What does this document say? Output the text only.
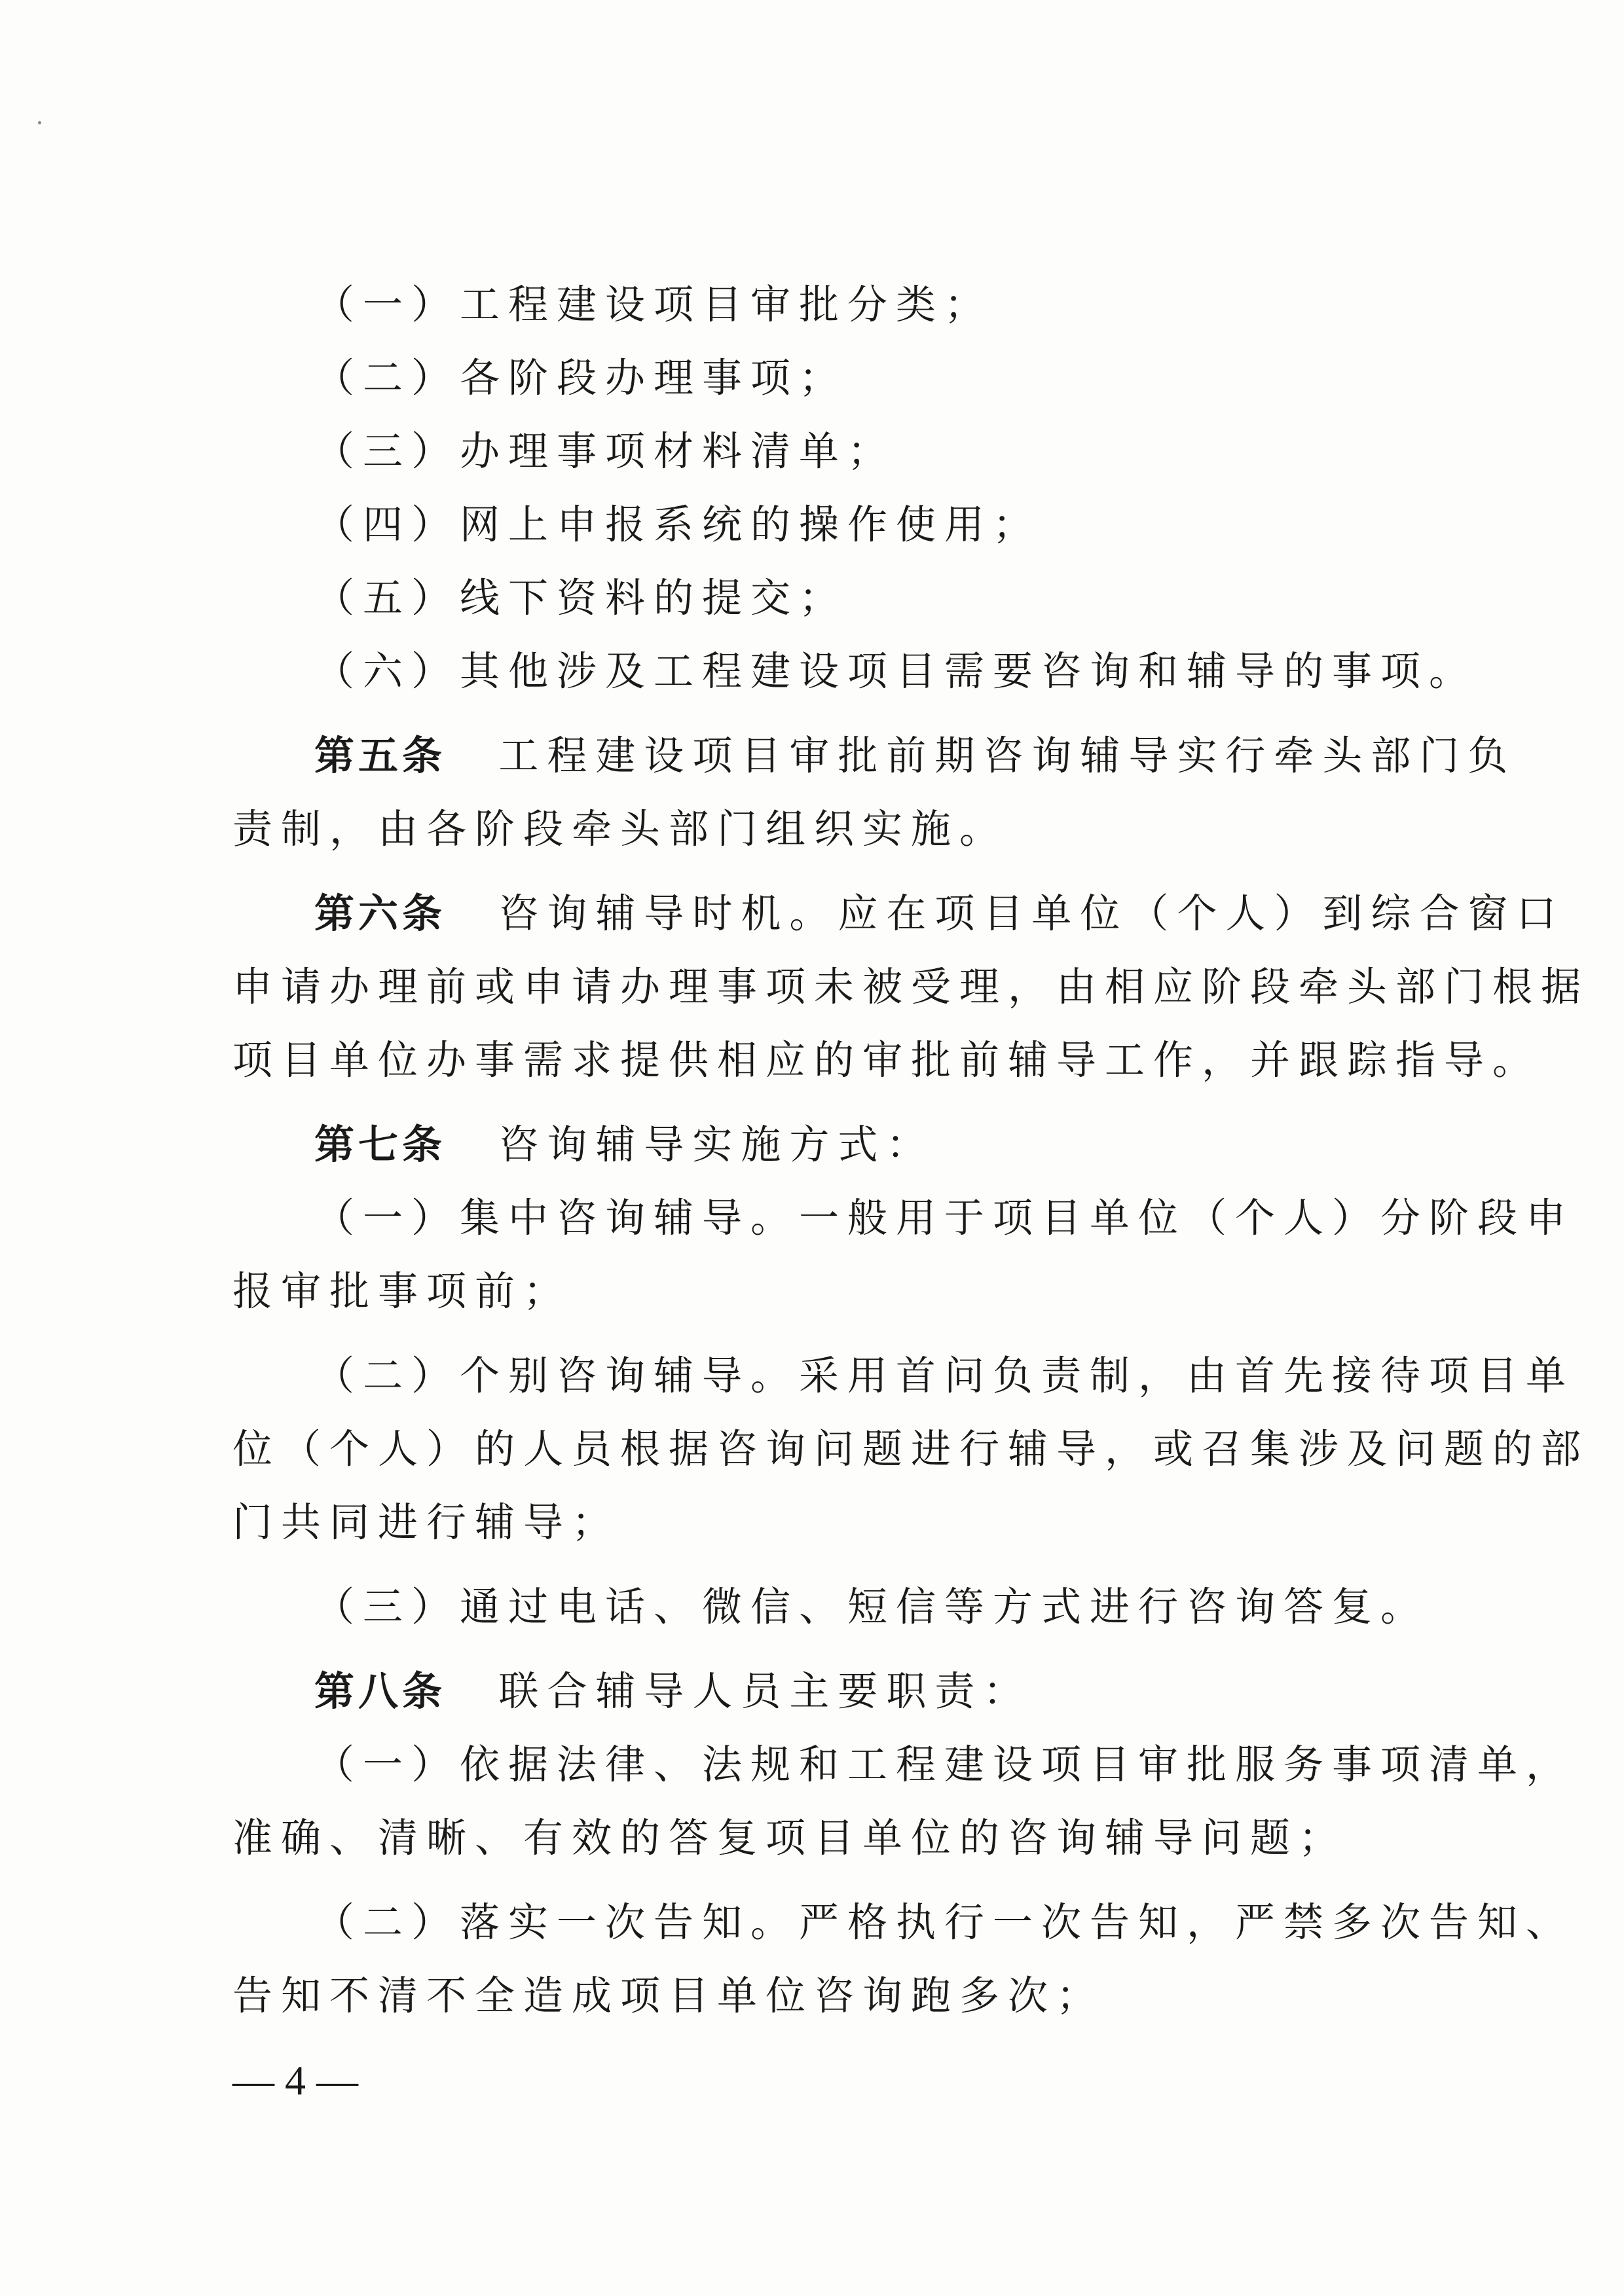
（一）工程建设项目审批分类；
（二）各阶段办理事项；
（三）办理事项材料清单；
（四）网上申报系统的操作使用；
（五）线下资料的提交；
（六）其他涉及工程建设项目需要咨询和辅导的事项。
第五条 工程建设项目审批前期咨询辅导实行牵头部门负
责制，由各阶段牵头部门组织实施。
第六条 咨询辅导时机。应在项目单位（个人）到综合窗口
申请办理前或申请办理事项未被受理，由相应阶段牵头部门根据
项目单位办事需求提供相应的审批前辅导工作，并跟踪指导。
第七条 咨询辅导实施方式：
（一）集中咨询辅导。一般用于项目单位（个人）分阶段申
报审批事项前；
（二）个别咨询辅导。采用首问负责制，由首先接待项目单
位（个人）的人员根据咨询问题进行辅导，或召集涉及问题的部
门共同进行辅导；
（三）通过电话、微信、短信等方式进行咨询答复。
第八条 联合辅导人员主要职责：
（一）依据法律、法规和工程建设项目审批服务事项清单，
准确、清晰、有效的答复项目单位的咨询辅导问题；
（二）落实一次告知。严格执行一次告知，严禁多次告知、
告知不清不全造成项目单位咨询跑多次；
— 4 —
